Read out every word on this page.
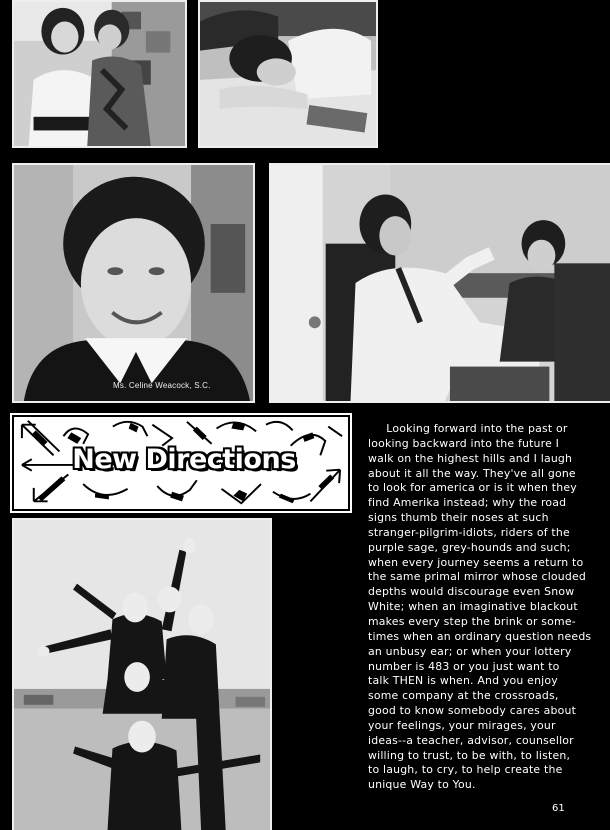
Ms. Celine Weacock, S.C.
New Directions
Looking forward into the past or
looking backward into the future I
walk on the highest hills and I laugh
about it all the way. They've all gone
to look for america or is it when they
find Amerika instead; why the road
signs thumb their noses at such
stranger-pilgrim-idiots, riders of the
purple sage, grey-hounds and such;
when every journey seems a return to
the same primal mirror whose clouded
depths would discourage even Snow
White; when an imaginative blackout
makes every step the brink or some-
times when an ordinary question needs
an unbusy ear; or when your lottery
number is 483 or you just want to
talk THEN is when. And you enjoy
some company at the crossroads,
good to know somebody cares about
your feelings, your mirages, your
ideas--a teacher, advisor, counsellor
willing to trust, to be with, to listen,
to laugh, to cry, to help create the
unique Way to You.
61
